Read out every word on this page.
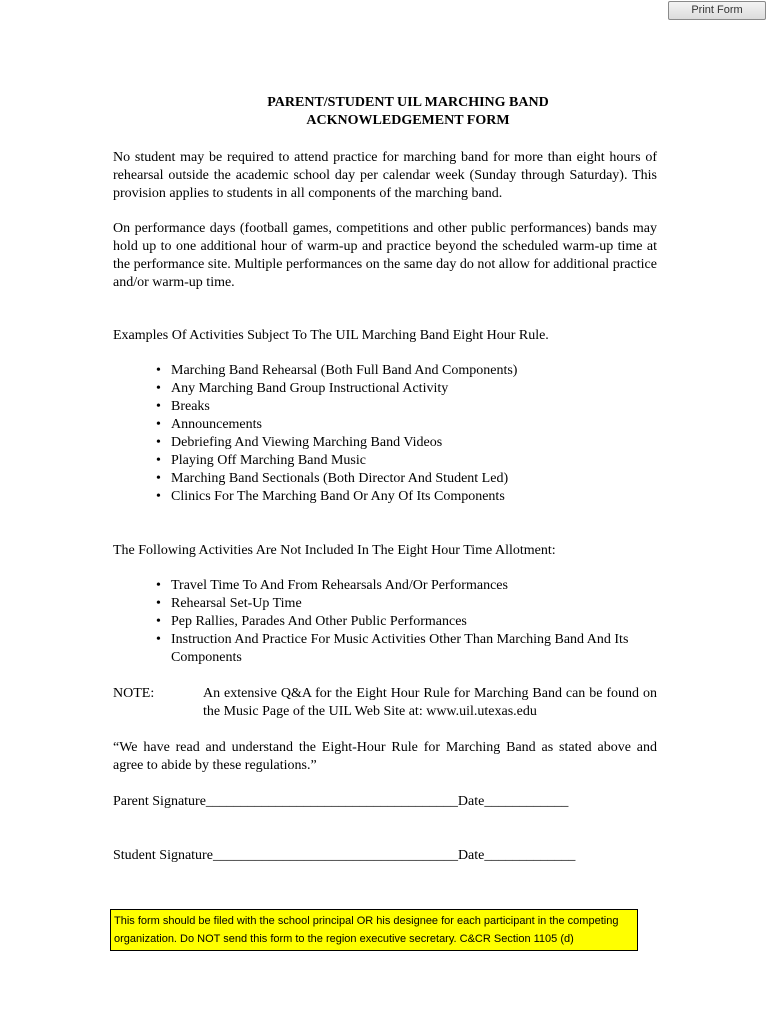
Print Form
PARENT/STUDENT UIL MARCHING BAND
ACKNOWLEDGEMENT FORM
No student may be required to attend practice for marching band for more than eight hours of rehearsal outside the academic school day per calendar week (Sunday through Saturday). This provision applies to students in all components of the marching band.
On performance days (football games, competitions and other public performances) bands may hold up to one additional hour of warm-up and practice beyond the scheduled warm-up time at the performance site. Multiple performances on the same day do not allow for additional practice and/or warm-up time.
Examples Of Activities Subject To The UIL Marching Band Eight Hour Rule.
• Marching Band Rehearsal (Both Full Band And Components)
• Any Marching Band Group Instructional Activity
• Breaks
• Announcements
• Debriefing And Viewing Marching Band Videos
• Playing Off Marching Band Music
• Marching Band Sectionals (Both Director And Student Led)
• Clinics For The Marching Band Or Any Of Its Components
The Following Activities Are Not Included In The Eight Hour Time Allotment:
• Travel Time To And From Rehearsals And/Or Performances
• Rehearsal Set-Up Time
• Pep Rallies, Parades And Other Public Performances
• Instruction And Practice For Music Activities Other Than Marching Band And Its Components
NOTE:	An extensive Q&A for the Eight Hour Rule for Marching Band can be found on the Music Page of the UIL Web Site at: www.uil.utexas.edu
“We have read and understand the Eight-Hour Rule for Marching Band as stated above and agree to abide by these regulations.”
Parent Signature____________________________________Date____________
Student Signature___________________________________Date_____________
This form should be filed with the school principal OR his designee for each participant in the competing organization. Do NOT send this form to the region executive secretary. C&CR Section 1105 (d)
